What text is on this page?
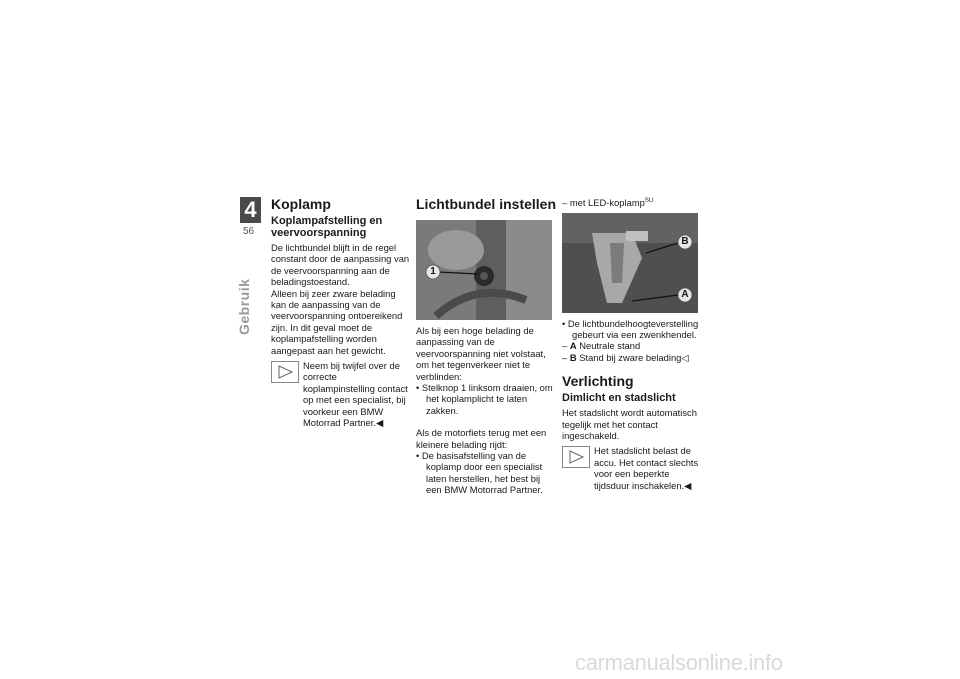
4
56
Gebruik
Koplamp
Koplampafstelling en veervoorspanning
De lichtbundel blijft in de regel constant door de aanpassing van de veervoorspanning aan de beladingstoestand.
Alleen bij zeer zware belading kan de aanpassing van de veervoorspanning ontoereikend zijn. In dit geval moet de koplampafstelling worden aangepast aan het gewicht.
Neem bij twijfel over de correcte koplampinstelling contact op met een specialist, bij voorkeur een BMW Motorrad Partner.◀
Lichtbundel instellen
1
Als bij een hoge belading de aanpassing van de veervoorspanning niet volstaat, om het tegenverkeer niet te verblinden:
• Stelknop 1 linksom draaien, om het koplamplicht te laten zakken.
Als de motorfiets terug met een kleinere belading rijdt:
• De basisafstelling van de koplamp door een specialist laten herstellen, het best bij een BMW Motorrad Partner.
– met LED-koplamp$^{SU}$
B
A
• De lichtbundelhoogteverstelling gebeurt via een zwenkhendel.
– A Neutrale stand
– B Stand bij zware belading◁
Verlichting
Dimlicht en stadslicht
Het stadslicht wordt automatisch tegelijk met het contact ingeschakeld.
Het stadslicht belast de accu. Het contact slechts voor een beperkte tijdsduur inschakelen.◀
carmanualsonline.info
